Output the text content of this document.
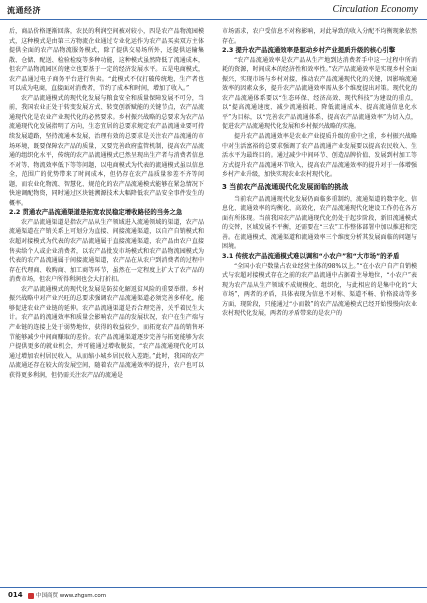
流通经济	Circulation Economy

后，商品价格逐渐回落，农民的利润空间被对较小，四是农产品物流园模式，这种模式是由第三方物流企业通过专业化运作为农产品买卖双方主体提供全面的农产品物流服务模式，除了提供交易场所外，还提供运输集散、仓储、配送、检验检疫等多种功能，这种模式虽然降低了流通成本，但农产品物流园区的建立也要基于一定的经济发展水平。五是电商模式，农产品通过电子商务平台进行售卖。“此模式不仅打破传统地，生产者也可以成为电商，直接面对消费者，节约了成本和时间，增加了收入。”

农产品流通模式的现代化发展与粮食安全和质量保障发展不可分，当前，我国农业正处于转变发展方式、转变创新赋能的关键节点，农产品流通现代化是农业产业现代化的必然要求。乡村振兴战略的总要求为农产品流通现代化发展指明了方向，生态宜居的总要求规定农产品流通业要可持续发展道路，坚持流通本发展，治理有效的总要求是关注农产品流通的市场环境，既要保障农产品的质量，又要完善政府监管机制，提高农产品流通的组织化水平，传统的农产品流通模式已然呈现出生产者与消费者信息不对等、物流效率低下等等问题，以电商模式为代表的流通模式虽以信息全，范围广的优势带来了时间成本，但仍存在农产品质量参差不齐等问题，而农业化物流、智慧化、规范化的农产品流通模式能够在紧急情况下快速调配物资，同时通过区块链溯源技术大幅降低农产品安全事件发生的概率。

2.2 贯通农产品流通渠道是拓宽农民稳定增收路径的当务之急

农产品流通渠道是指农产品从生产领域进入流通领域的渠道，农产品流通渠道在产销关系上可划分为直接、间接流通渠道，以自产自销模式和农超对接模式为代表的农产品流通属于直接流通渠道，农产品由农户直接售卖给个人或企业消费者，以农产品批发市场模式和农产品物流园模式为代表的农产品流通属于间接流通渠道，农产品在从农户到消费者的过程中存在代理商、收购商、加工商等环节，虽然在一定程度上扩大了农产品的消费市场，但农户所得利润也会大打折扣。

农产品流通模式的现代化发展是防贫化解返贫风险的重要举措。乡村振兴战略中对产业兴旺的总要求强调农产品流通渠道必须完善多样化，能够促进农业产业链的延伸。农产品流通渠道是否合理完善，关乎着民生大计。农产品的流通效率和质量会影响农产品的发展状况，农户在生产端与产业链的连接上处于弱势地位，获得的收益较少，而拓宽农产品的销售环节能够减少中间商赚取的差价。农产品流通渠道逐步完善与拓宽能够为农户提供更多的就业机会，并可能通过增收脱贫，“农产品流通现代化可以通过增加农村居民收入，从而缩小城乡居民收入差距。”此时，我国的农产品流通还存在较大的发展空间，随着农产品流通效率的提升，农户也可以获得更多利润，但仍需关注农产品的流通是

市场需求，农户受信息不对称影响，对此导致的收入分配不均衡现象依然存在。

2.3 提升农产品流通效率是驱动乡村产业提质升级的核心引擎

“农产品流通效率是农产品从生产地到达消费者手中这一过程中所消耗的资源，时间成本的经济性和效率性。”农产品流通效率是实现乡村全面振兴，实现市场与乡村对接，推动农产品流通现代化的关键，因影响流通效率的因素众多，提升农产品流通效率需从多个维度提出对策。现代化的农产品流通体系要以“生态环保、经济高效、现代科技”为建设的重点，以“提高流通速度、减少流通损耗、降低流通成本、提高流通信息化水平”为目标，以“完善农产品流通体系，提高农产品流通效率”为切入点，促进农产品流通现代化发展和乡村振兴战略的实施。

提升农产品流通效率是农业产业提质升级的重中之重，乡村振兴战略中对生活富裕的总要求强调了农产品流通产业发展要以提高农民收入、生活水平为最终目的。通过减少中间环节、创造品牌价值、发展到村加工等方式提升农产品流通环节收入，提高农产品流通效率的提升对于一体增强乡村产业升级，加快实现农业农村现代化。

3 当前农产品流通现代化发展面临的挑战

当前农产品流通现代化发展仍面临多重制约，流通渠道的数字化、信息化、流通效率的均衡化、高效化，农产品流通现代化建设工作仍在各方面有所体现。当前我国农产品流通现代化仍处于起步阶段，新旧流通模式的交替，区域发展不平衡，还需要在“三农”工作整体部署中加以推进和完善。在流通模式、流通渠道和流通效率三个维度分析其发展面临的问题与困境。

3.1 传统农产品流通模式难以调和“小农户”和“大市场”的矛盾

“全国小农户数量占农业经营主体的98%以上。”“在小农户自产自销模式与农超对接模式存在之前的农产品流通中占据着主导地位，“小农户”表现为农产品从生产领域不成规模化、组织化，与此相应的是集中化的“大市场”，两者的矛盾，具体表现为信息不对称、渠道不畅、价格波动等多方面，现阶段，只能通过“小而散”的农产品流通模式已经开始慢慢向农业农村现代化发展，两者的矛盾带来的是农户的

014	中国商贸 www.zhgsm.com
